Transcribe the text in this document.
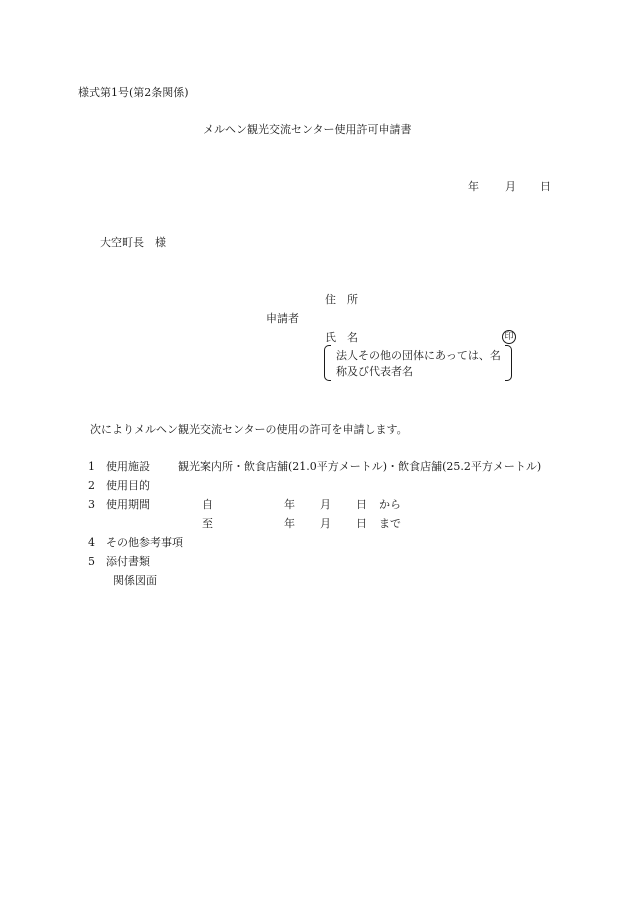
様式第1号(第2条関係)
メルヘン観光交流センター使用許可申請書
年 月 日
大空町長　様
住　所
申請者
氏　名	印
法人その他の団体にあっては、名
称及び代表者名
次によりメルヘン観光交流センターの使用の許可を申請します。
1 使用施設	観光案内所・飲食店舗(21.0平方メートル)・飲食店舗(25.2平方メートル)
2 使用目的
3 使用期間	自	年 月 日 から
至	年 月 日 まで
4 その他参考事項
5 添付書類
関係図面
